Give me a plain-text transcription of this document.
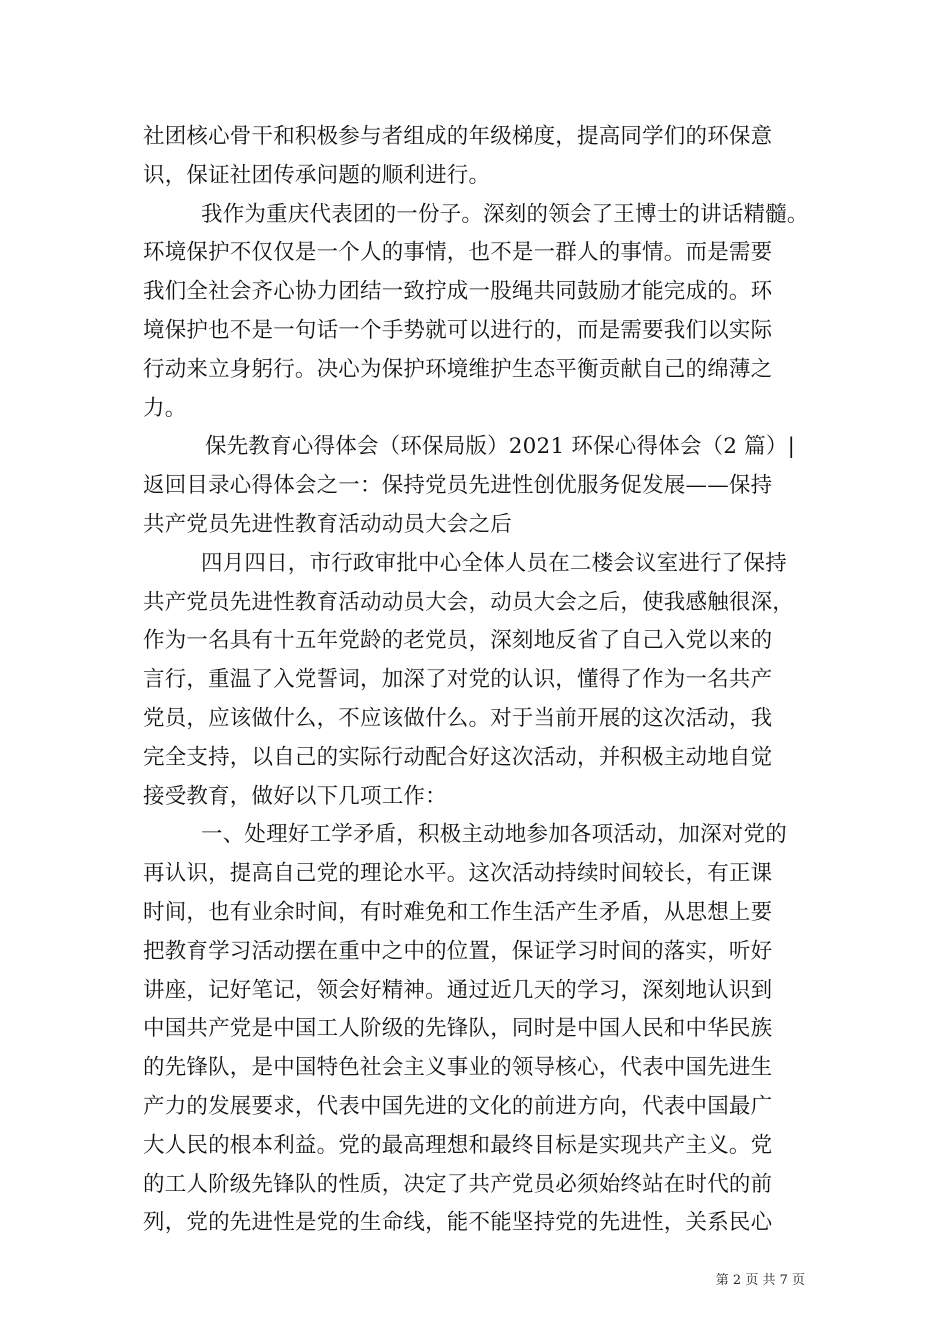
社团核心骨干和积极参与者组成的年级梯度，提高同学们的环保意
识，保证社团传承问题的顺利进行。

我作为重庆代表团的一份子。深刻的领会了王博士的讲话精髓。
环境保护不仅仅是一个人的事情，也不是一群人的事情。而是需要
我们全社会齐心协力团结一致拧成一股绳共同鼓励才能完成的。环
境保护也不是一句话一个手势就可以进行的，而是需要我们以实际
行动来立身躬行。决心为保护环境维护生态平衡贡献自己的绵薄之
力。

保先教育心得体会（环保局版）2021 环保心得体会（2 篇）|
返回目录心得体会之一：保持党员先进性创优服务促发展——保持
共产党员先进性教育活动动员大会之后

四月四日，市行政审批中心全体人员在二楼会议室进行了保持
共产党员先进性教育活动动员大会，动员大会之后，使我感触很深，
作为一名具有十五年党龄的老党员，深刻地反省了自己入党以来的
言行，重温了入党誓词，加深了对党的认识，懂得了作为一名共产
党员，应该做什么，不应该做什么。对于当前开展的这次活动，我
完全支持，以自己的实际行动配合好这次活动，并积极主动地自觉
接受教育，做好以下几项工作：

一、处理好工学矛盾，积极主动地参加各项活动，加深对党的
再认识，提高自己党的理论水平。这次活动持续时间较长，有正课
时间，也有业余时间，有时难免和工作生活产生矛盾，从思想上要
把教育学习活动摆在重中之中的位置，保证学习时间的落实，听好
讲座，记好笔记，领会好精神。通过近几天的学习，深刻地认识到
中国共产党是中国工人阶级的先锋队，同时是中国人民和中华民族
的先锋队，是中国特色社会主义事业的领导核心，代表中国先进生
产力的发展要求，代表中国先进的文化的前进方向，代表中国最广
大人民的根本利益。党的最高理想和最终目标是实现共产主义。党
的工人阶级先锋队的性质，决定了共产党员必须始终站在时代的前
列，党的先进性是党的生命线，能不能坚持党的先进性，关系民心

第 2 页 共 7 页
